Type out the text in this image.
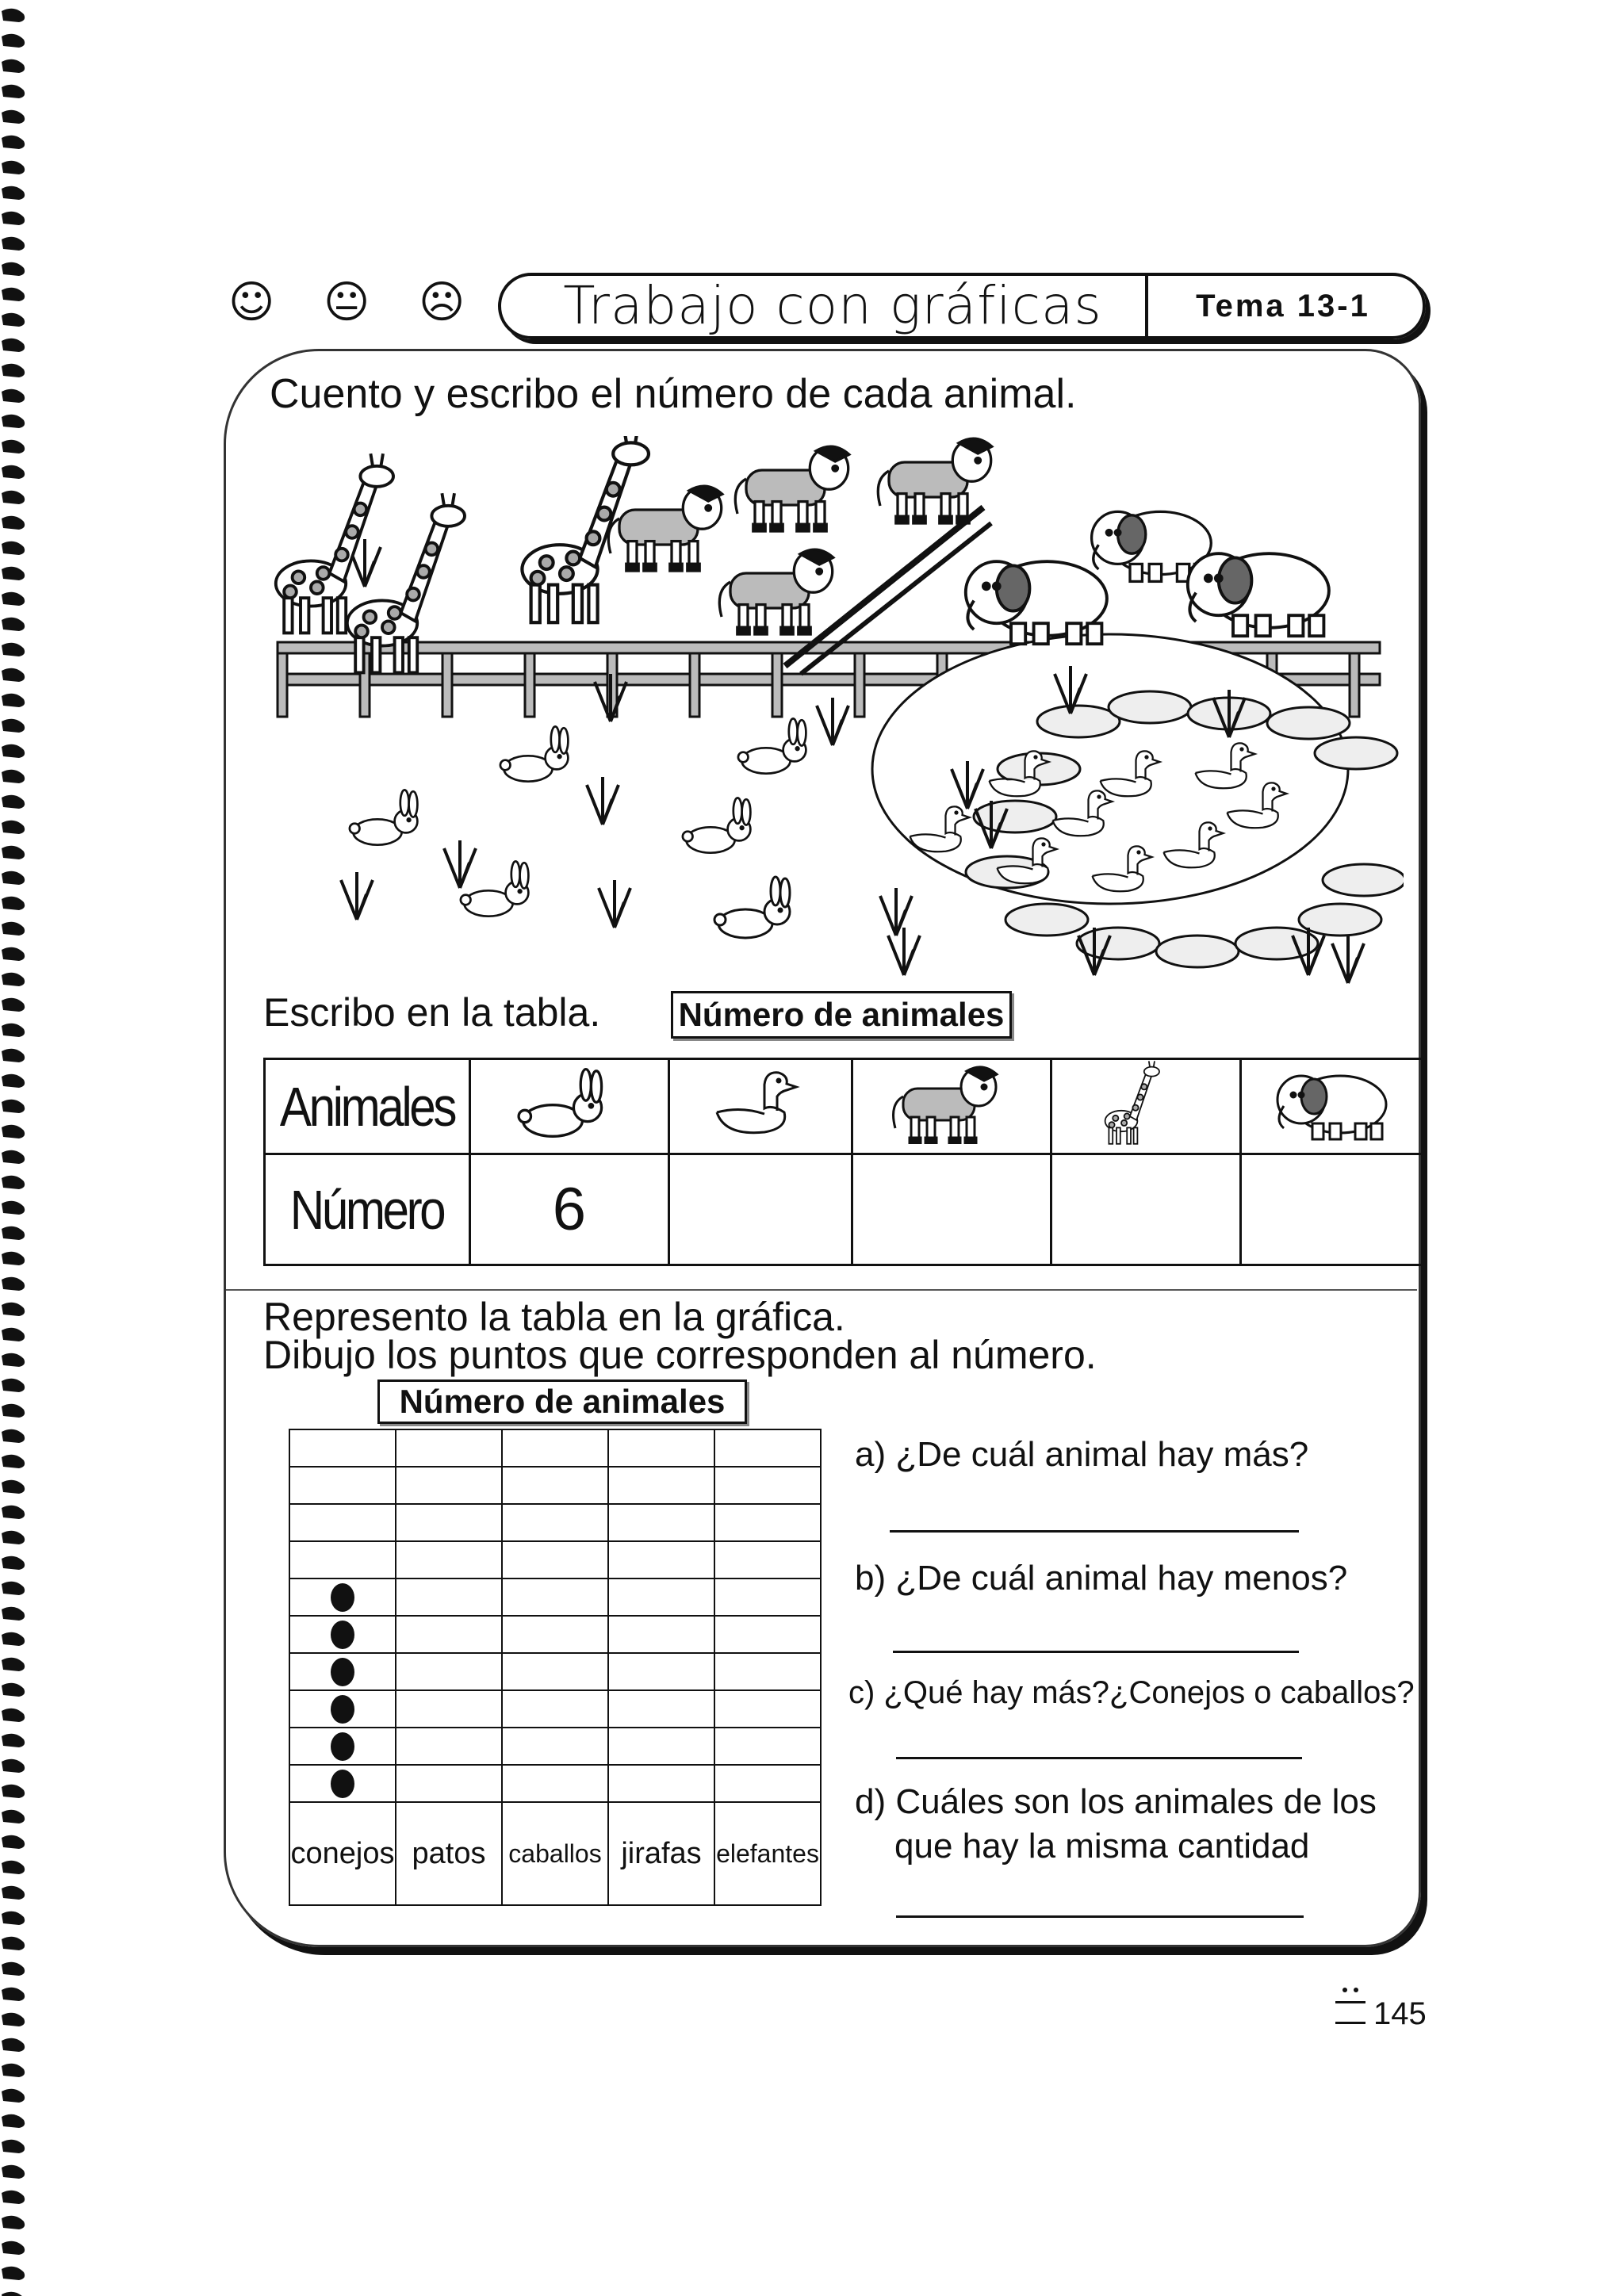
☺ 😐 ☹	Trabajo con gráficas	Tema 13-1
Cuento y escribo el número de cada animal.
Escribo en la tabla. Número de animales
Animales					
Número	6				
Represento la tabla en la gráfica.
Dibujo los puntos que corresponden al número.
Número de animales

conejos	patos	caballos	jirafas	elefantes
a) ¿De cuál animal hay más?
b) ¿De cuál animal hay menos?
c) ¿Qué hay más?¿Conejos o caballos?
d) Cuáles son los animales de los
que hay la misma cantidad
145
